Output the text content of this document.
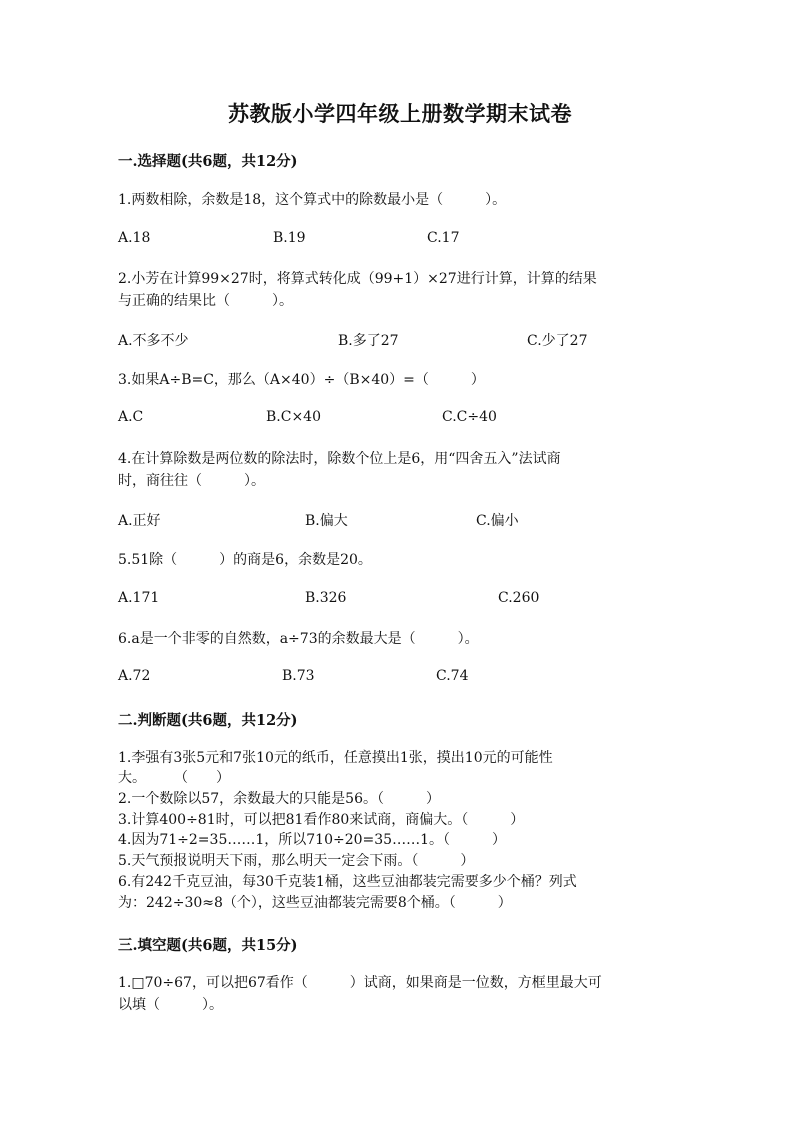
苏教版小学四年级上册数学期末试卷
一.选择题(共6题，共12分)
1.两数相除，余数是18，这个算式中的除数最小是（　　　）。
A.18	B.19	C.17
2.小芳在计算99×27时，将算式转化成（99+1）×27进行计算，计算的结果
与正确的结果比（　　　）。
A.不多不少	B.多了27	C.少了27
3.如果A÷B=C，那么（A×40）÷（B×40）=（　　　）
A.C	B.C×40	C.C÷40
4.在计算除数是两位数的除法时，除数个位上是6，用“四舍五入”法试商
时，商往往（　　　）。
A.正好	B.偏大	C.偏小
5.51除（　　　）的商是6，余数是20。
A.171	B.326	C.260
6.a是一个非零的自然数，a÷73的余数最大是（　　　）。
A.72	B.73	C.74
二.判断题(共6题，共12分)
1.李强有3张5元和7张10元的纸币，任意摸出1张，摸出10元的可能性
大。　　　（　　）
2.一个数除以57，余数最大的只能是56。（　　　）
3.计算400÷81时，可以把81看作80来试商，商偏大。（　　　）
4.因为71÷2=35……1，所以710÷20=35……1。（　　　）
5.天气预报说明天下雨，那么明天一定会下雨。（　　　）
6.有242千克豆油，每30千克装1桶，这些豆油都装完需要多少个桶？列式
为：242÷30≈8（个），这些豆油都装完需要8个桶。（　　　）
三.填空题(共6题，共15分)
1.□70÷67，可以把67看作（　　　）试商，如果商是一位数，方框里最大可
以填（　　　）。
